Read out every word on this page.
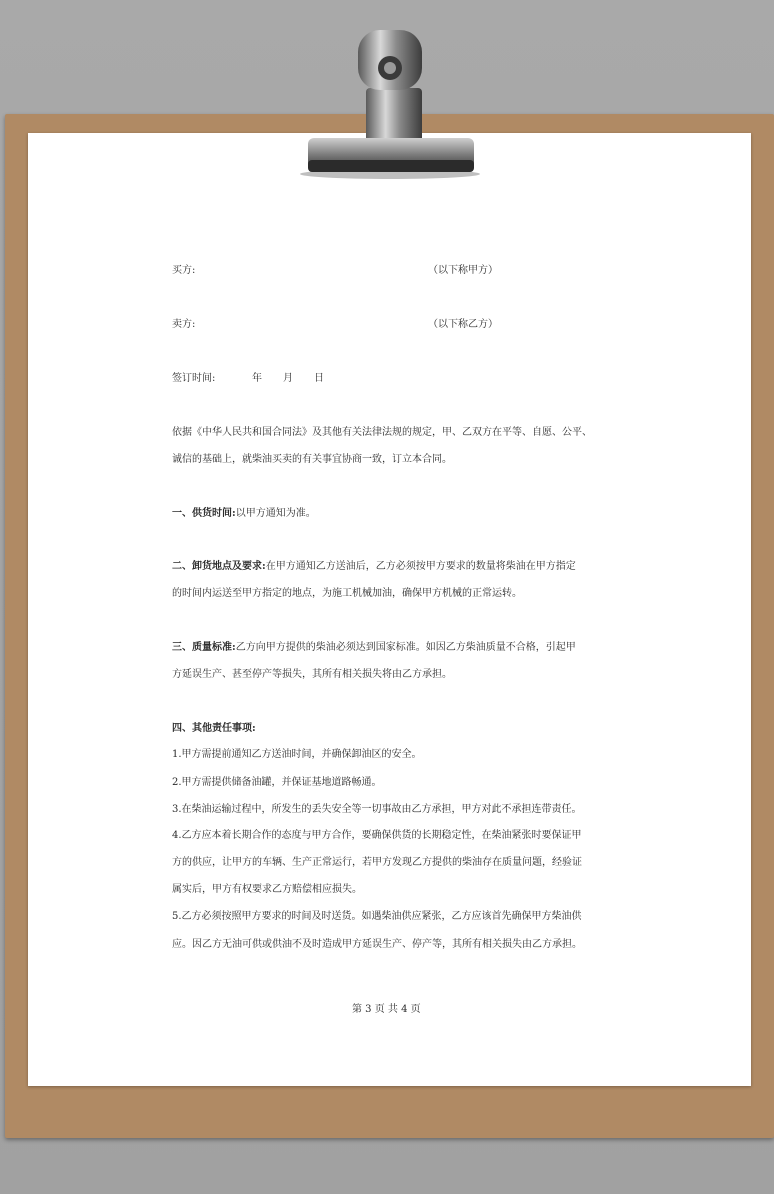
买方:	（以下称甲方）

卖方:	（以下称乙方）

签订时间:	年 月 日

依据《中华人民共和国合同法》及其他有关法律法规的规定，甲、乙双方在平等、自愿、公平、

诚信的基础上，就柴油买卖的有关事宜协商一致，订立本合同。

一、供货时间:以甲方通知为准。

二、卸货地点及要求:在甲方通知乙方送油后，乙方必须按甲方要求的数量将柴油在甲方指定

的时间内运送至甲方指定的地点，为施工机械加油，确保甲方机械的正常运转。

三、质量标准:乙方向甲方提供的柴油必须达到国家标准。如因乙方柴油质量不合格，引起甲

方延误生产、甚至停产等损失，其所有相关损失将由乙方承担。

四、其他责任事项:

1.甲方需提前通知乙方送油时间，并确保卸油区的安全。

2.甲方需提供储备油罐，并保证基地道路畅通。

3.在柴油运输过程中，所发生的丢失安全等一切事故由乙方承担，甲方对此不承担连带责任。

4.乙方应本着长期合作的态度与甲方合作，要确保供货的长期稳定性，在柴油紧张时要保证甲

方的供应，让甲方的车辆、生产正常运行，若甲方发现乙方提供的柴油存在质量问题，经验证

属实后，甲方有权要求乙方赔偿相应损失。

5.乙方必须按照甲方要求的时间及时送货。如遇柴油供应紧张，乙方应该首先确保甲方柴油供

应。因乙方无油可供或供油不及时造成甲方延误生产、停产等，其所有相关损失由乙方承担。

第 3 页 共 4 页
